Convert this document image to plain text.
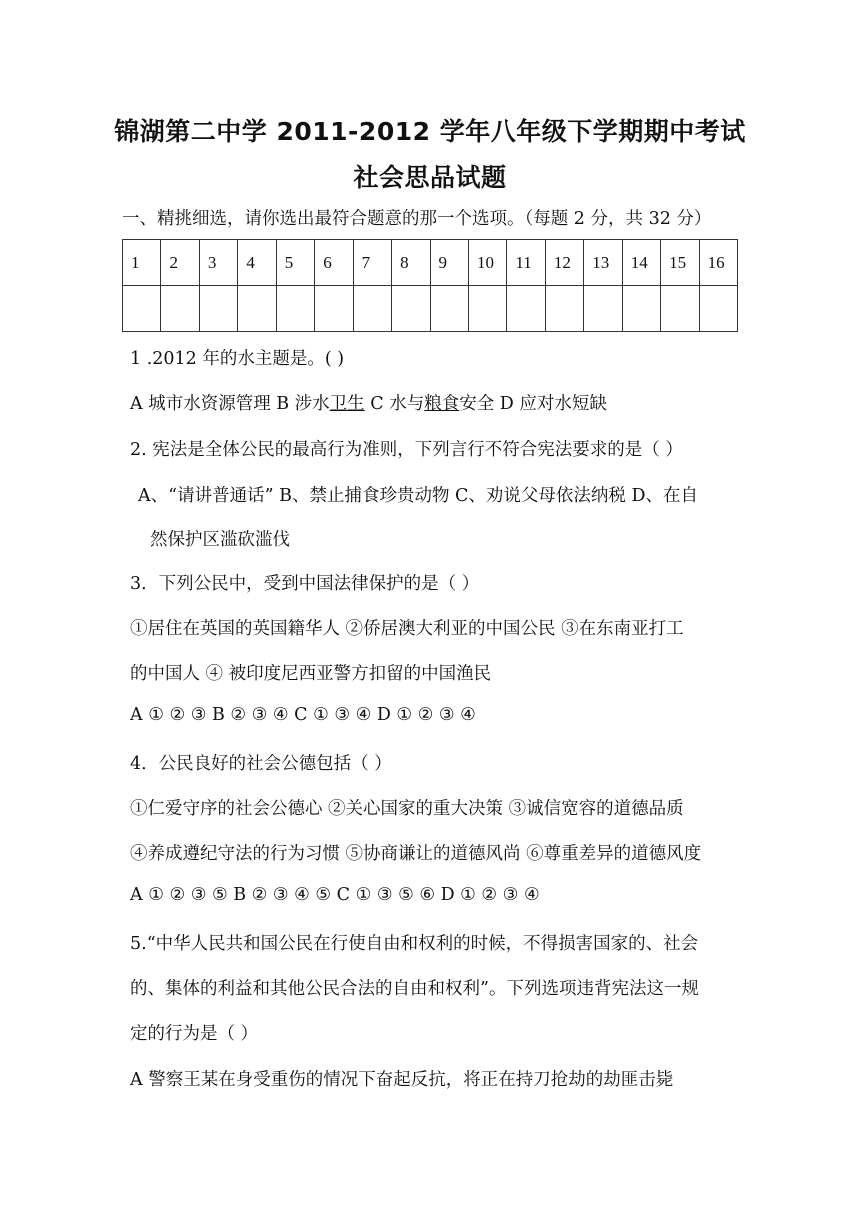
锦湖第二中学 2011-2012 学年八年级下学期期中考试
社会思品试题
一、精挑细选，请你选出最符合题意的那一个选项。（每题 2 分，共 32 分）
1	2	3	4	5	6	7	8	9	10	11	12	13	14	15	16

1 .2012 年的水主题是。( )
A 城市水资源管理 B 涉水卫生 C 水与粮食安全 D 应对水短缺
2. 宪法是全体公民的最高行为准则，下列言行不符合宪法要求的是（ ）
A、“请讲普通话” B、禁止捕食珍贵动物 C、劝说父母依法纳税 D、在自
然保护区滥砍滥伐
3．下列公民中，受到中国法律保护的是（ ）
①居住在英国的英国籍华人 ②侨居澳大利亚的中国公民 ③在东南亚打工
的中国人 ④ 被印度尼西亚警方扣留的中国渔民
A ① ② ③ B ② ③ ④ C ① ③ ④ D ① ② ③ ④
4．公民良好的社会公德包括（ ）
①仁爱守序的社会公德心 ②关心国家的重大决策 ③诚信宽容的道德品质
④养成遵纪守法的行为习惯 ⑤协商谦让的道德风尚 ⑥尊重差异的道德风度
A ① ② ③ ⑤ B ② ③ ④ ⑤ C ① ③ ⑤ ⑥ D ① ② ③ ④
5.“中华人民共和国公民在行使自由和权利的时候，不得损害国家的、社会
的、集体的利益和其他公民合法的自由和权利”。下列选项违背宪法这一规
定的行为是（ ）
A 警察王某在身受重伤的情况下奋起反抗，将正在持刀抢劫的劫匪击毙
